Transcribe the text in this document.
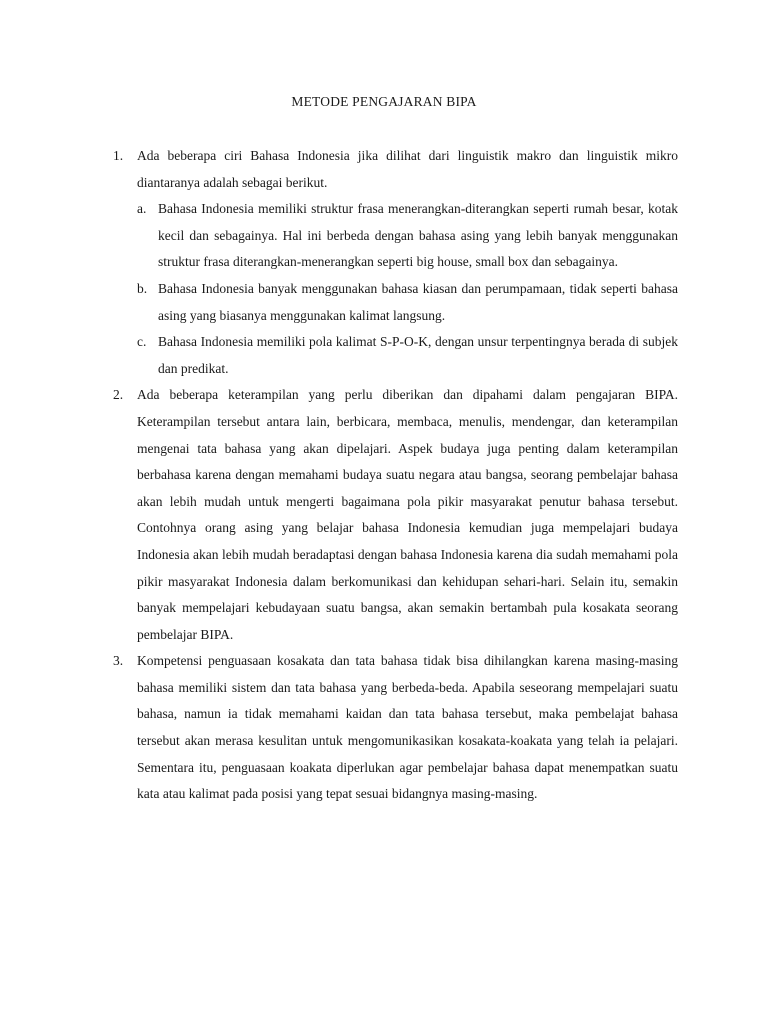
METODE PENGAJARAN BIPA
1. Ada beberapa ciri Bahasa Indonesia jika dilihat dari linguistik makro dan linguistik mikro diantaranya adalah sebagai berikut.

a. Bahasa Indonesia memiliki struktur frasa menerangkan-diterangkan seperti rumah besar, kotak kecil dan sebagainya. Hal ini berbeda dengan bahasa asing yang lebih banyak menggunakan struktur frasa diterangkan-menerangkan seperti big house, small box dan sebagainya.

b. Bahasa Indonesia banyak menggunakan bahasa kiasan dan perumpamaan, tidak seperti bahasa asing yang biasanya menggunakan kalimat langsung.

c. Bahasa Indonesia memiliki pola kalimat S-P-O-K, dengan unsur terpentingnya berada di subjek dan predikat.

2. Ada beberapa keterampilan yang perlu diberikan dan dipahami dalam pengajaran BIPA. Keterampilan tersebut antara lain, berbicara, membaca, menulis, mendengar, dan keterampilan mengenai tata bahasa yang akan dipelajari. Aspek budaya juga penting dalam keterampilan berbahasa karena dengan memahami budaya suatu negara atau bangsa, seorang pembelajar bahasa akan lebih mudah untuk mengerti bagaimana pola pikir masyarakat penutur bahasa tersebut. Contohnya orang asing yang belajar bahasa Indonesia kemudian juga mempelajari budaya Indonesia akan lebih mudah beradaptasi dengan bahasa Indonesia karena dia sudah memahami pola pikir masyarakat Indonesia dalam berkomunikasi dan kehidupan sehari-hari. Selain itu, semakin banyak mempelajari kebudayaan suatu bangsa, akan semakin bertambah pula kosakata seorang pembelajar BIPA.

3. Kompetensi penguasaan kosakata dan tata bahasa tidak bisa dihilangkan karena masing-masing bahasa memiliki sistem dan tata bahasa yang berbeda-beda. Apabila seseorang mempelajari suatu bahasa, namun ia tidak memahami kaidan dan tata bahasa tersebut, maka pembelajat bahasa tersebut akan merasa kesulitan untuk mengomunikasikan kosakata-koakata yang telah ia pelajari. Sementara itu, penguasaan koakata diperlukan agar pembelajar bahasa dapat menempatkan suatu kata atau kalimat pada posisi yang tepat sesuai bidangnya masing-masing.
